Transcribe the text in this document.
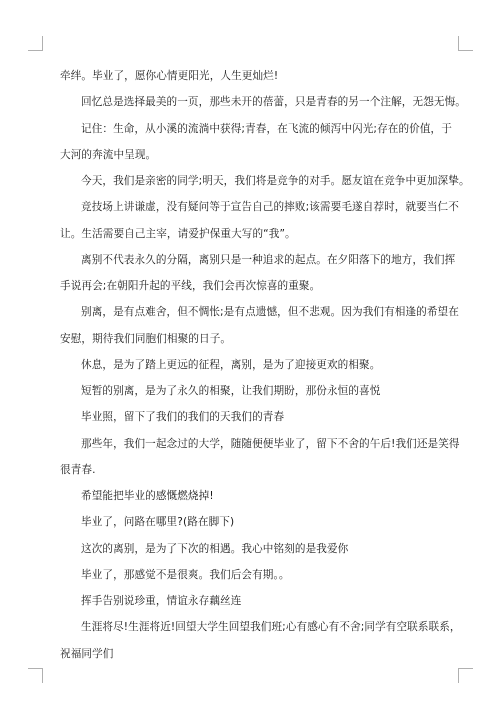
牵绊。毕业了，愿你心情更阳光，人生更灿烂!
回忆总是选择最美的一页，那些未开的蓓蕾，只是青春的另一个注解，无怨无悔。
记住：生命，从小溪的流淌中获得;青春，在飞流的倾泻中闪光;存在的价值，于
大河的奔流中呈现。
今天，我们是亲密的同学;明天，我们将是竞争的对手。愿友谊在竞争中更加深挚。
竞技场上讲谦虚，没有疑问等于宣告自己的摔败;该需要毛遂自荐时，就要当仁不
让。生活需要自己主宰，请爱护保重大写的“我”。
离别不代表永久的分隔，离别只是一种追求的起点。在夕阳落下的地方，我们挥
手说再会;在朝阳升起的平线，我们会再次惊喜的重聚。
别离，是有点难舍，但不惆怅;是有点遗憾，但不悲观。因为我们有相逢的希望在
安慰，期待我们同胞们相聚的日子。
休息，是为了踏上更远的征程，离别，是为了迎接更欢的相聚。
短暂的别离，是为了永久的相聚，让我们期盼，那份永恒的喜悦
毕业照，留下了我们的我们的天我们的青春
那些年，我们一起念过的大学，随随便便毕业了，留下不舍的午后!我们还是笑得
很青春.
希望能把毕业的感慨燃烧掉!
毕业了，问路在哪里?(路在脚下)
这次的离别，是为了下次的相遇。我心中铭刻的是我爱你
毕业了，那感觉不是很爽。我们后会有期。。
挥手告别说珍重，情谊永存藕丝连
生涯将尽!生涯将近!回望大学生回望我们班;心有感心有不舍;同学有空联系联系，
祝福同学们
